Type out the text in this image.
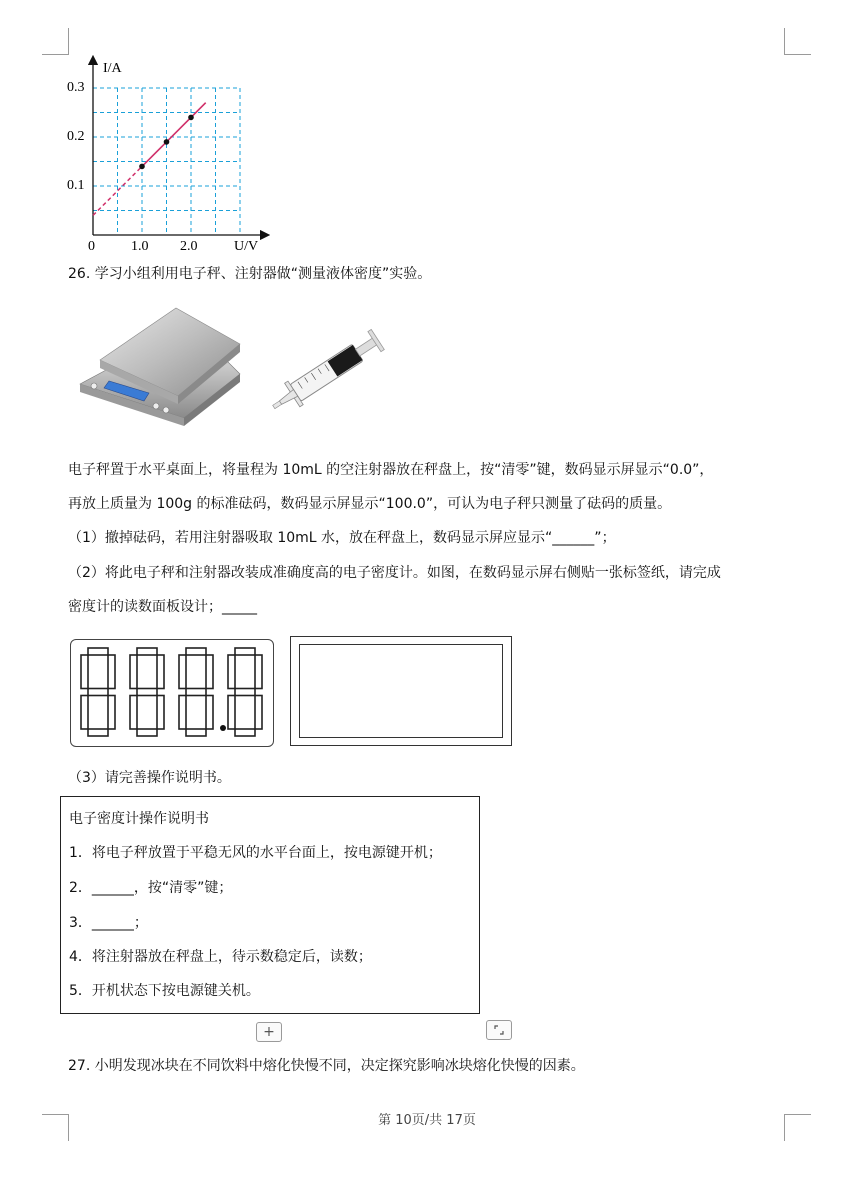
I/A
U/V
0
0.3
0.2
0.1
1.0 2.0
26. 学习小组利用电子秤、注射器做“测量液体密度”实验。
电子秤置于水平桌面上，将量程为 10mL 的空注射器放在秤盘上，按“清零”键，数码显示屏显示“0.0”，
再放上质量为 100g 的标准砝码，数码显示屏显示“100.0”，可认为电子秤只测量了砝码的质量。
（1）撤掉砝码，若用注射器吸取 10mL 水，放在秤盘上，数码显示屏应显示“______”；
（2）将此电子秤和注射器改装成准确度高的电子密度计。如图，在数码显示屏右侧贴一张标签纸，请完成
密度计的读数面板设计；_____
（3）请完善操作说明书。
电子密度计操作说明书
1．将电子秤放置于平稳无风的水平台面上，按电源键开机；
2．______，按“清零”键；
3．______；
4．将注射器放在秤盘上，待示数稳定后，读数；
5．开机状态下按电源键关机。
+
27. 小明发现冰块在不同饮料中熔化快慢不同，决定探究影响冰块熔化快慢的因素。
第 10页/共 17页
